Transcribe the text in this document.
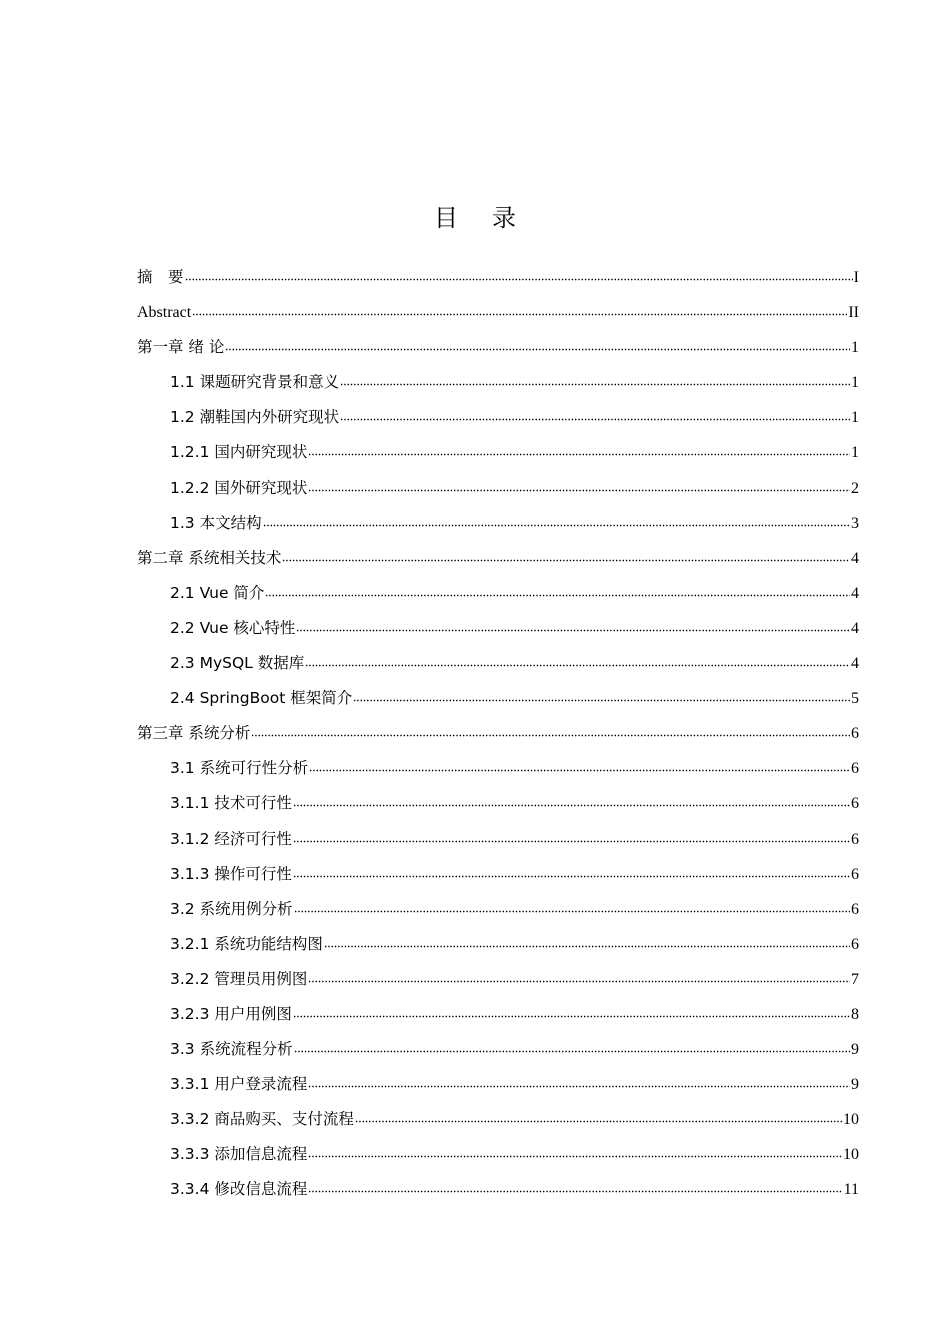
目 录
摘　要	I
Abstract	II
第一章 绪 论	1
1.1 课题研究背景和意义	1
1.2 潮鞋国内外研究现状	1
1.2.1 国内研究现状	1
1.2.2 国外研究现状	2
1.3 本文结构	3
第二章 系统相关技术	4
2.1 Vue 简介	4
2.2 Vue 核心特性	4
2.3 MySQL 数据库	4
2.4 SpringBoot 框架简介	5
第三章 系统分析	6
3.1 系统可行性分析	6
3.1.1 技术可行性	6
3.1.2 经济可行性	6
3.1.3 操作可行性	6
3.2 系统用例分析	6
3.2.1 系统功能结构图	6
3.2.2 管理员用例图	7
3.2.3 用户用例图	8
3.3 系统流程分析	9
3.3.1 用户登录流程	9
3.3.2 商品购买、支付流程	10
3.3.3 添加信息流程	10
3.3.4 修改信息流程	11
